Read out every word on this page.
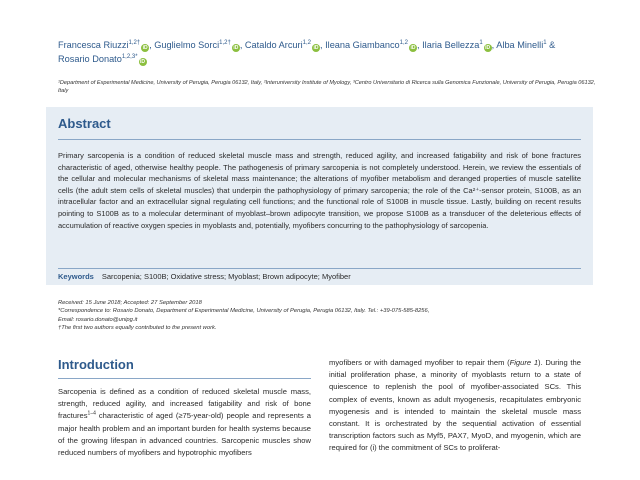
Francesca Riuzzi$^{1,2\dagger}$iD , Guglielmo Sorci$^{1,2\dagger}$iD , Cataldo Arcuri$^{1,2}$iD , Ileana Giambanco$^{1,2}$iD , Ilaria Bellezza$^1$iD , Alba Minelli$^1$ & Rosario Donato$^{1,2,3*}$iD
¹Department of Experimental Medicine, University of Perugia, Perugia 06132, Italy, ²Interuniversity Institute of Myology, ³Centro Universitario di Ricerca sulla Genomica Funzionale, University of Perugia, Perugia 06132, Italy
Abstract
Primary sarcopenia is a condition of reduced skeletal muscle mass and strength, reduced agility, and increased fatigability and risk of bone fractures characteristic of aged, otherwise healthy people. The pathogenesis of primary sarcopenia is not completely understood. Herein, we review the essentials of the cellular and molecular mechanisms of skeletal mass maintenance; the alterations of myofiber metabolism and deranged properties of muscle satellite cells (the adult stem cells of skeletal muscles) that underpin the pathophysiology of primary sarcopenia; the role of the Ca²⁺-sensor protein, S100B, as an intracellular factor and an extracellular signal regulating cell functions; and the functional role of S100B in muscle tissue. Lastly, building on recent results pointing to S100B as to a molecular determinant of myoblast–brown adipocyte transition, we propose S100B as a transducer of the deleterious effects of accumulation of reactive oxygen species in myoblasts and, potentially, myofibers concurring to the pathophysiology of sarcopenia.
Keywords Sarcopenia; S100B; Oxidative stress; Myoblast; Brown adipocyte; Myofiber
Received: 15 June 2018; Accepted: 27 September 2018
*Correspondence to: Rosario Donato, Department of Experimental Medicine, University of Perugia, Perugia 06132, Italy. Tel.: +39-075-585-8256,
Email: rosario.donato@unipg.it
†The first two authors equally contributed to the present work.
Introduction
Sarcopenia is defined as a condition of reduced skeletal muscle mass, strength, reduced agility, and increased fatigability and risk of bone fractures$^{1-4}$ characteristic of aged (≥75-year-old) people and represents a major health problem and an important burden for health systems because of the growing lifespan in advanced countries. Sarcopenic muscles show reduced numbers of myofibers and hypotrophic myofibers
myofibers or with damaged myofiber to repair them (Figure 1). During the initial proliferation phase, a minority of myoblasts return to a state of quiescence to replenish the pool of myofiber-associated SCs. This complex of events, known as adult myogenesis, recapitulates embryonic myogenesis and is intended to maintain the skeletal muscle mass constant. It is orchestrated by the sequential activation of essential transcription factors such as Myf5, PAX7, MyoD, and myogenin, which are required for (i) the commitment of SCs to proliferat-
